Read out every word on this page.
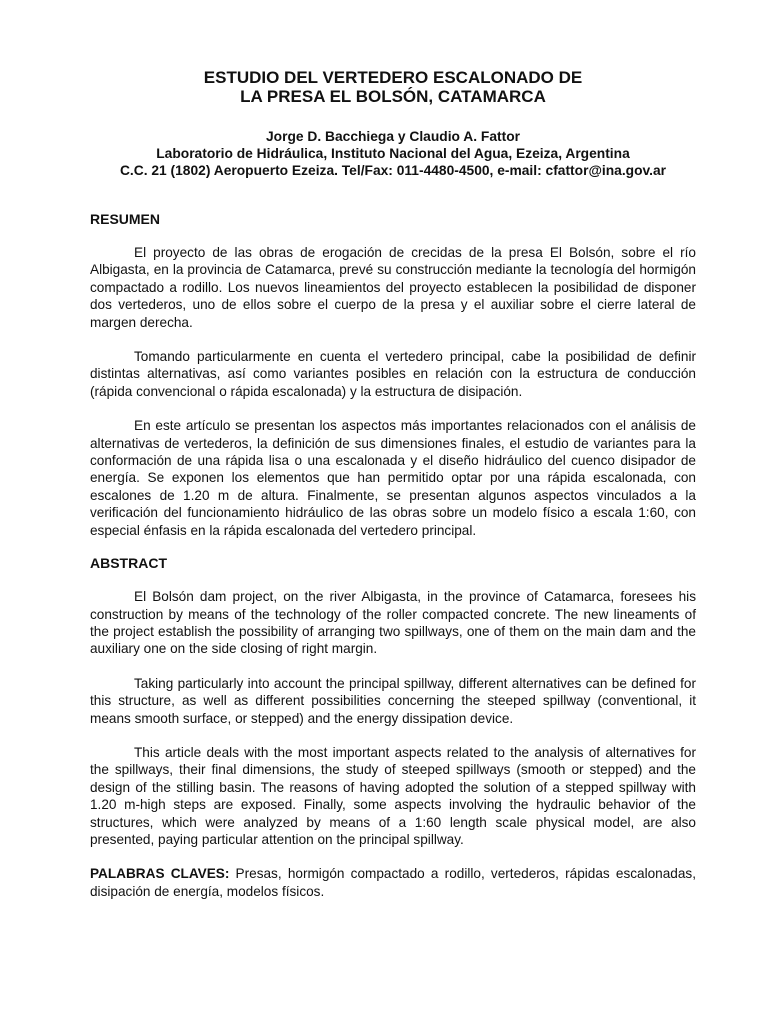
ESTUDIO DEL VERTEDERO ESCALONADO DE
LA PRESA EL BOLSÓN, CATAMARCA
Jorge D. Bacchiega y Claudio A. Fattor
Laboratorio de Hidráulica, Instituto Nacional del Agua, Ezeiza, Argentina
C.C. 21 (1802) Aeropuerto Ezeiza. Tel/Fax: 011-4480-4500, e-mail: cfattor@ina.gov.ar
RESUMEN

El proyecto de las obras de erogación de crecidas de la presa El Bolsón, sobre el río Albigasta, en la provincia de Catamarca, prevé su construcción mediante la tecnología del hormigón compactado a rodillo. Los nuevos lineamientos del proyecto establecen la posibilidad de disponer dos vertederos, uno de ellos sobre el cuerpo de la presa y el auxiliar sobre el cierre lateral de margen derecha.

Tomando particularmente en cuenta el vertedero principal, cabe la posibilidad de definir distintas alternativas, así como variantes posibles en relación con la estructura de conducción (rápida convencional o rápida escalonada) y la estructura de disipación.

En este artículo se presentan los aspectos más importantes relacionados con el análisis de alternativas de vertederos, la definición de sus dimensiones finales, el estudio de variantes para la conformación de una rápida lisa o una escalonada y el diseño hidráulico del cuenco disipador de energía. Se exponen los elementos que han permitido optar por una rápida escalonada, con escalones de 1.20 m de altura. Finalmente, se presentan algunos aspectos vinculados a la verificación del funcionamiento hidráulico de las obras sobre un modelo físico a escala 1:60, con especial énfasis en la rápida escalonada del vertedero principal.

ABSTRACT

El Bolsón dam project, on the river Albigasta, in the province of Catamarca, foresees his construction by means of the technology of the roller compacted concrete. The new lineaments of the project establish the possibility of arranging two spillways, one of them on the main dam and the auxiliary one on the side closing of right margin.

Taking particularly into account the principal spillway, different alternatives can be defined for this structure, as well as different possibilities concerning the steeped spillway (conventional, it means smooth surface, or stepped) and the energy dissipation device.

This article deals with the most important aspects related to the analysis of alternatives for the spillways, their final dimensions, the study of steeped spillways (smooth or stepped) and the design of the stilling basin. The reasons of having adopted the solution of a stepped spillway with 1.20 m-high steps are exposed. Finally, some aspects involving the hydraulic behavior of the structures, which were analyzed by means of a 1:60 length scale physical model, are also presented, paying particular attention on the principal spillway.

PALABRAS CLAVES: Presas, hormigón compactado a rodillo, vertederos, rápidas escalonadas, disipación de energía, modelos físicos.
